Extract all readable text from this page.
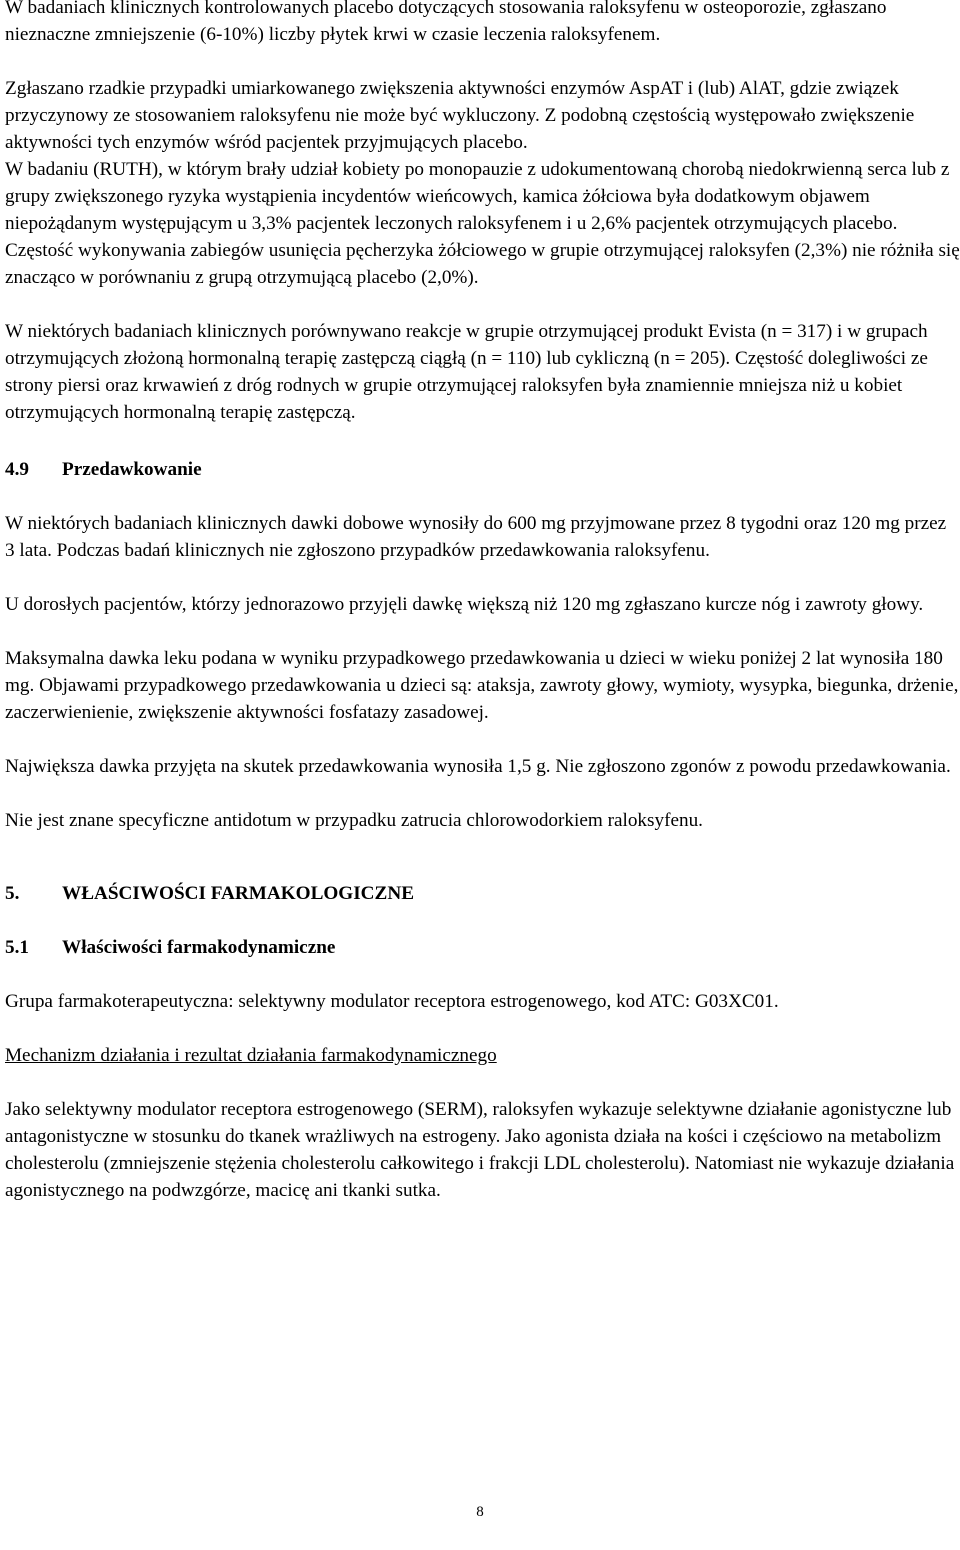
W badaniach klinicznych kontrolowanych placebo dotyczących stosowania raloksyfenu w osteoporozie, zgłaszano nieznaczne zmniejszenie (6-10%) liczby płytek krwi w czasie leczenia raloksyfenem.

Zgłaszano rzadkie przypadki umiarkowanego zwiększenia aktywności enzymów AspAT i (lub) AlAT, gdzie związek przyczynowy ze stosowaniem raloksyfenu nie może być wykluczony. Z podobną częstością występowało zwiększenie aktywności tych enzymów wśród pacjentek przyjmujących placebo.

W badaniu (RUTH), w którym brały udział kobiety po monopauzie z udokumentowaną chorobą niedokrwienną serca lub z grupy zwiększonego ryzyka wystąpienia incydentów wieńcowych, kamica żółciowa była dodatkowym objawem niepożądanym występującym u 3,3% pacjentek leczonych raloksyfenem i u 2,6% pacjentek otrzymujących placebo. Częstość wykonywania zabiegów usunięcia pęcherzyka żółciowego w grupie otrzymującej raloksyfen (2,3%) nie różniła się znacząco w porównaniu z grupą otrzymującą placebo (2,0%).

W niektórych badaniach klinicznych porównywano reakcje w grupie otrzymującej produkt Evista (n = 317) i w grupach otrzymujących złożoną hormonalną terapię zastępczą ciągłą (n = 110) lub cykliczną (n = 205). Częstość dolegliwości ze strony piersi oraz krwawień z dróg rodnych w grupie otrzymującej raloksyfen była znamiennie mniejsza niż u kobiet otrzymujących hormonalną terapię zastępczą.

4.9 Przedawkowanie

W niektórych badaniach klinicznych dawki dobowe wynosiły do 600 mg przyjmowane przez 8 tygodni oraz 120 mg przez 3 lata. Podczas badań klinicznych nie zgłoszono przypadków przedawkowania raloksyfenu.

U dorosłych pacjentów, którzy jednorazowo przyjęli dawkę większą niż 120 mg zgłaszano kurcze nóg i zawroty głowy.

Maksymalna dawka leku podana w wyniku przypadkowego przedawkowania u dzieci w wieku poniżej 2 lat wynosiła 180 mg. Objawami przypadkowego przedawkowania u dzieci są: ataksja, zawroty głowy, wymioty, wysypka, biegunka, drżenie, zaczerwienienie, zwiększenie aktywności fosfatazy zasadowej.

Największa dawka przyjęta na skutek przedawkowania wynosiła 1,5 g. Nie zgłoszono zgonów z powodu przedawkowania.

Nie jest znane specyficzne antidotum w przypadku zatrucia chlorowodorkiem raloksyfenu.

5. WŁAŚCIWOŚCI FARMAKOLOGICZNE

5.1 Właściwości farmakodynamiczne

Grupa farmakoterapeutyczna: selektywny modulator receptora estrogenowego, kod ATC: G03XC01.

Mechanizm działania i rezultat działania farmakodynamicznego

Jako selektywny modulator receptora estrogenowego (SERM), raloksyfen wykazuje selektywne działanie agonistyczne lub antagonistyczne w stosunku do tkanek wrażliwych na estrogeny. Jako agonista działa na kości i częściowo na metabolizm cholesterolu (zmniejszenie stężenia cholesterolu całkowitego i frakcji LDL cholesterolu). Natomiast nie wykazuje działania agonistycznego na podwzgórze, macicę ani tkanki sutka.

8
